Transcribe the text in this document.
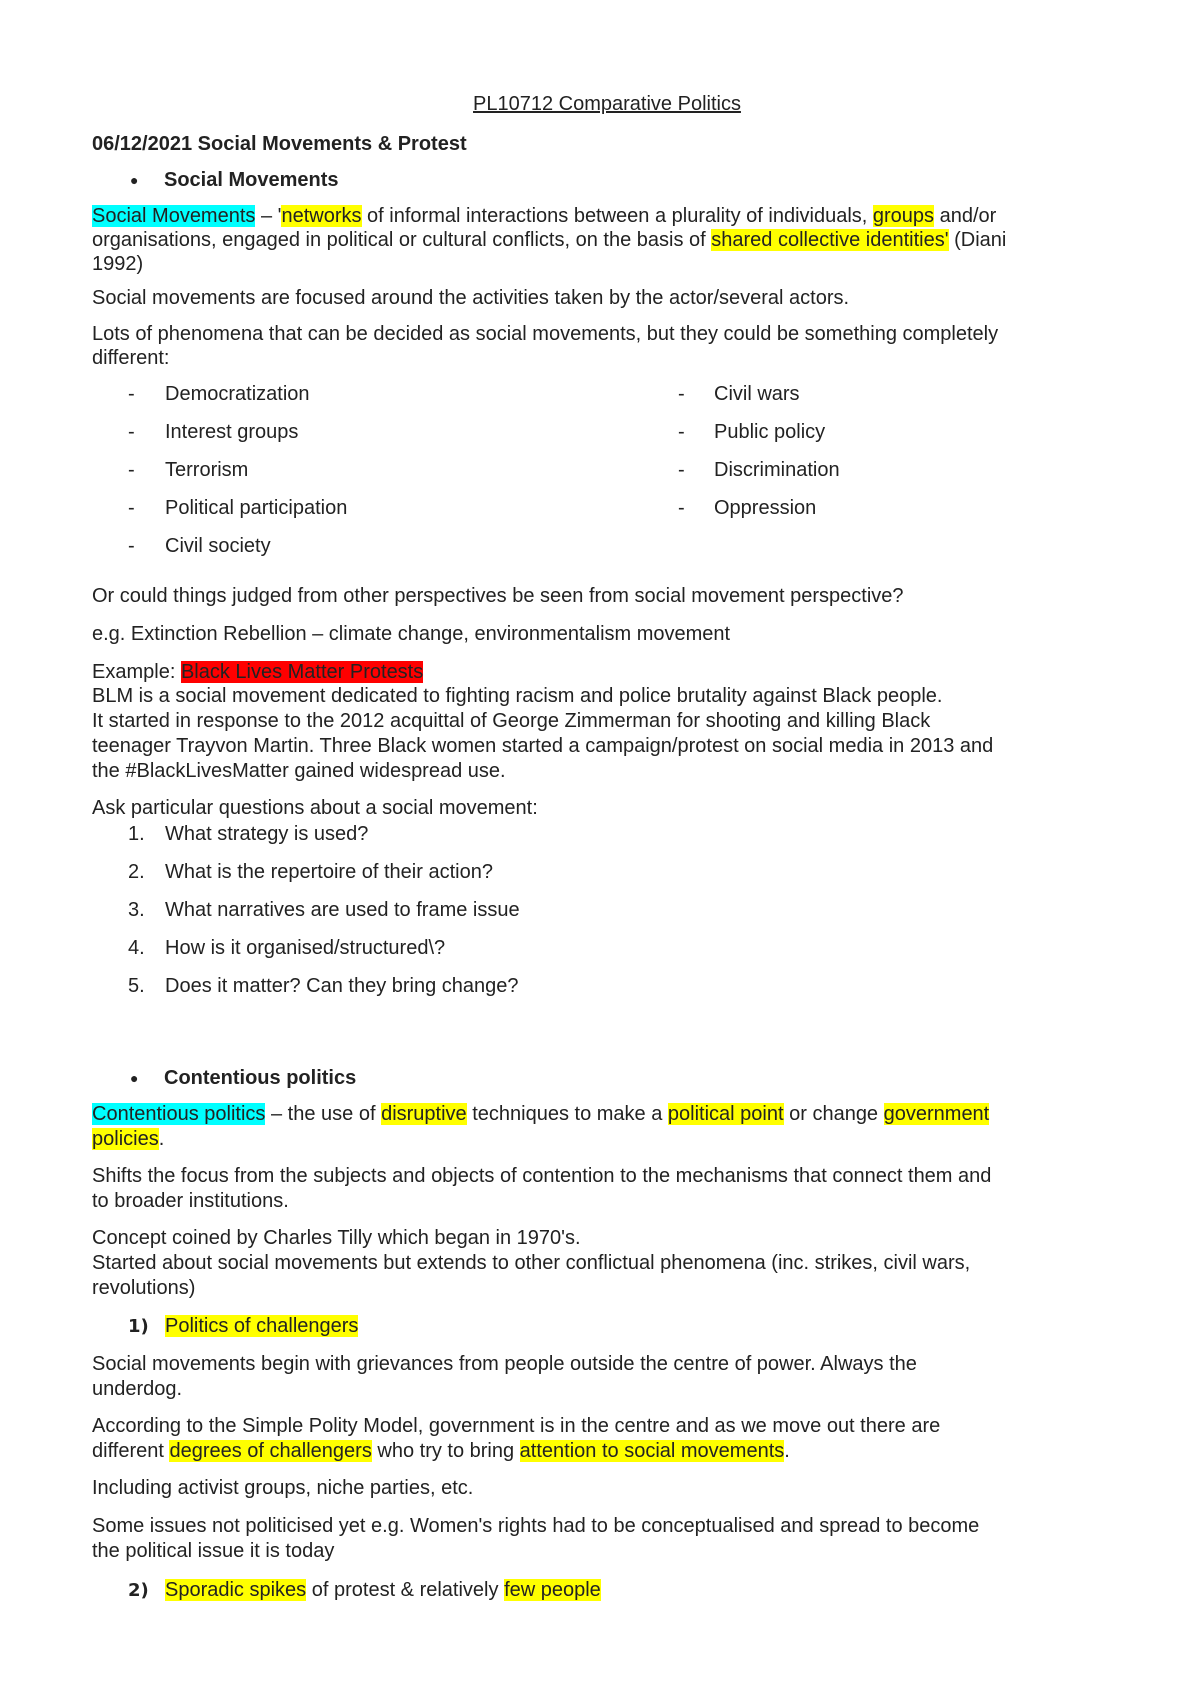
PL10712 Comparative Politics
06/12/2021 Social Movements & Protest
● Social Movements
Social Movements – 'networks of informal interactions between a plurality of individuals, groups and/or
organisations, engaged in political or cultural conflicts, on the basis of shared collective identities' (Diani
1992)
Social movements are focused around the activities taken by the actor/several actors.
Lots of phenomena that can be decided as social movements, but they could be something completely
different:
- Democratization
- Interest groups
- Terrorism
- Political participation
- Civil society
- Civil wars
- Public policy
- Discrimination
- Oppression
Or could things judged from other perspectives be seen from social movement perspective?
e.g. Extinction Rebellion – climate change, environmentalism movement
Example: Black Lives Matter Protests
BLM is a social movement dedicated to fighting racism and police brutality against Black people.
It started in response to the 2012 acquittal of George Zimmerman for shooting and killing Black
teenager Trayvon Martin. Three Black women started a campaign/protest on social media in 2013 and
the #BlackLivesMatter gained widespread use.
Ask particular questions about a social movement:
1. What strategy is used?
2. What is the repertoire of their action?
3. What narratives are used to frame issue
4. How is it organised/structured\?
5. Does it matter? Can they bring change?
● Contentious politics
Contentious politics – the use of disruptive techniques to make a political point or change government
policies.
Shifts the focus from the subjects and objects of contention to the mechanisms that connect them and
to broader institutions.
Concept coined by Charles Tilly which began in 1970's.
Started about social movements but extends to other conflictual phenomena (inc. strikes, civil wars,
revolutions)
1) Politics of challengers
Social movements begin with grievances from people outside the centre of power. Always the
underdog.
According to the Simple Polity Model, government is in the centre and as we move out there are
different degrees of challengers who try to bring attention to social movements.
Including activist groups, niche parties, etc.
Some issues not politicised yet e.g. Women's rights had to be conceptualised and spread to become
the political issue it is today
2) Sporadic spikes of protest & relatively few people
